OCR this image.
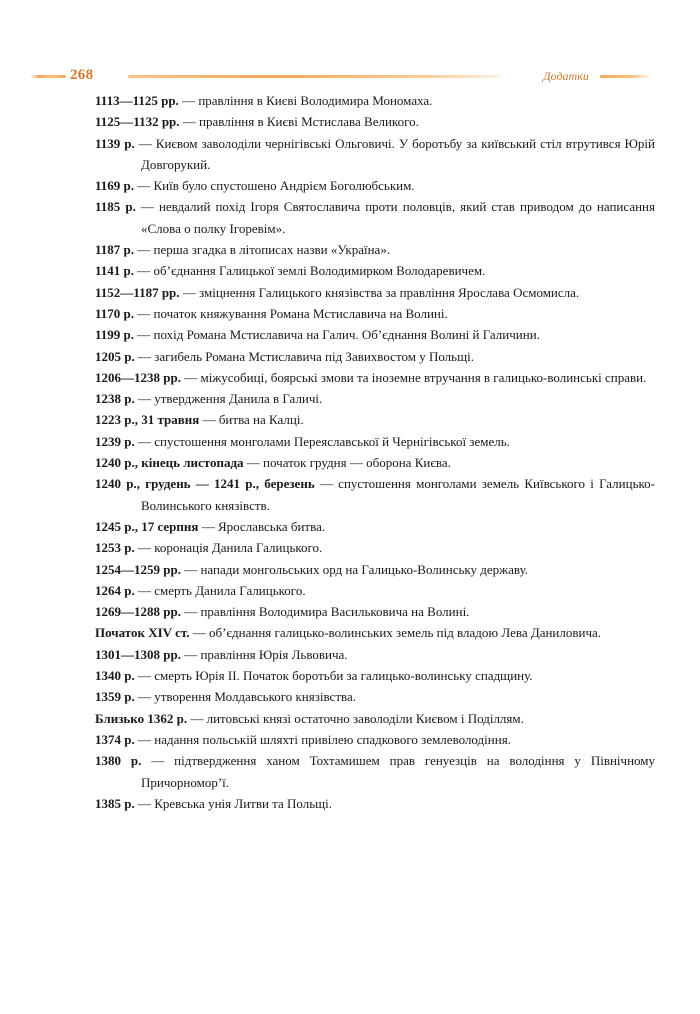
268	Додатки

1113—1125 рр. — правління в Києві Володимира Мономаха.

1125—1132 рр. — правління в Києві Мстислава Великого.

1139 р. — Києвом заволоділи чернігівські Ольговичі. У боротьбу за київський стіл втрутився Юрій Довгорукий.

1169 р. — Київ було спустошено Андрієм Боголюбським.

1185 р. — невдалий похід Ігоря Святославича проти половців, який став приводом до написання «Слова о полку Ігоревім».

1187 р. — перша згадка в літописах назви «Україна».

1141 р. — об’єднання Галицької землі Володимирком Володаревичем.

1152—1187 рр. — зміцнення Галицького князівства за правління Ярослава Осмомисла.

1170 р. — початок княжування Романа Мстиславича на Волині.

1199 р. — похід Романа Мстиславича на Галич. Об’єднання Волині й Галичини.

1205 р. — загибель Романа Мстиславича під Завихвостом у Польщі.

1206—1238 рр. — міжусобиці, боярські змови та іноземне втручання в галицько-волинські справи.

1238 р. — утвердження Данила в Галичі.

1223 р., 31 травня — битва на Калці.

1239 р. — спустошення монголами Переяславської й Чернігівської земель.

1240 р., кінець листопада — початок грудня — оборона Києва.

1240 р., грудень — 1241 р., березень — спустошення монголами земель Київського і Галицько-Волинського князівств.

1245 р., 17 серпня — Ярославська битва.

1253 р. — коронація Данила Галицького.

1254—1259 рр. — напади монгольських орд на Галицько-Волинську державу.

1264 р. — смерть Данила Галицького.

1269—1288 рр. — правління Володимира Васильковича на Волині.

Початок XIV ст. — об’єднання галицько-волинських земель під владою Лева Даниловича.

1301—1308 рр. — правління Юрія Львовича.

1340 р. — смерть Юрія II. Початок боротьби за галицько-волинську спадщину.

1359 р. — утворення Молдавського князівства.

Близько 1362 р. — литовські князі остаточно заволоділи Києвом і Поділлям.

1374 р. — надання польській шляхті привілею спадкового землеволодіння.

1380 р. — підтвердження ханом Тохтамишем прав генуезців на володіння у Північному Причорномор’ї.

1385 р. — Кревська унія Литви та Польщі.
